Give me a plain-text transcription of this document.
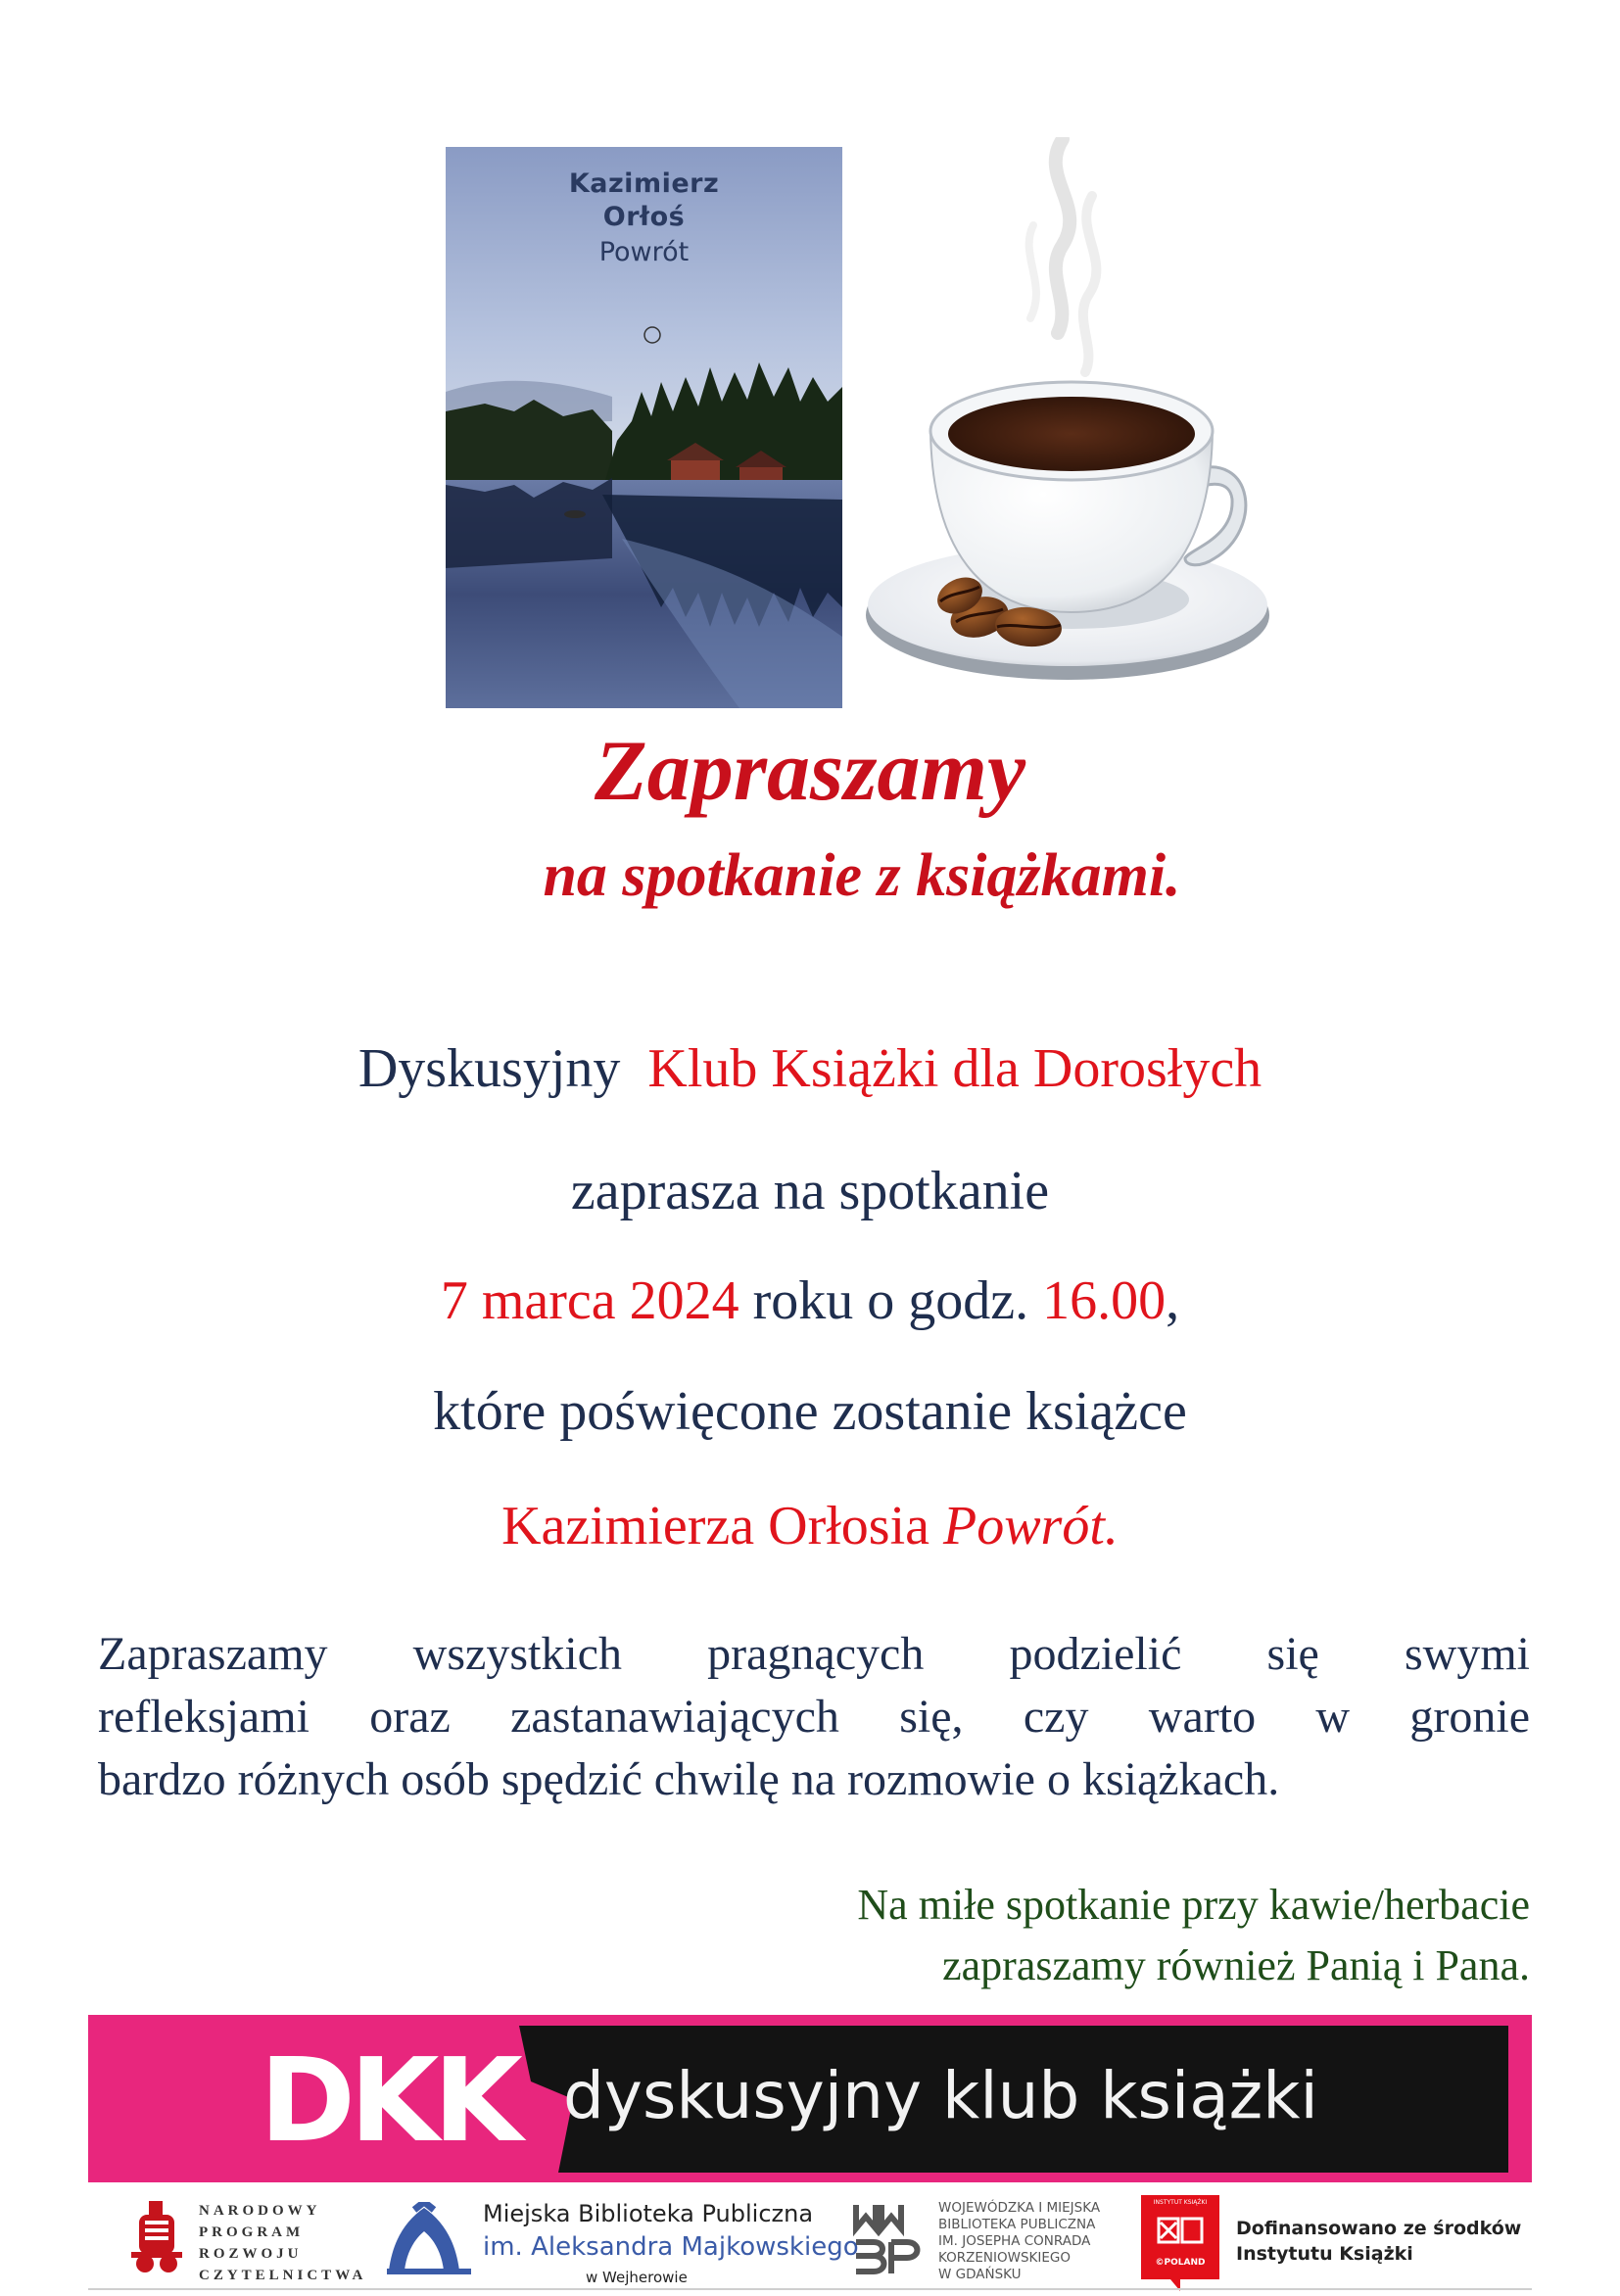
Kazimierz
Orłoś
Powrót
Zapraszamy
na spotkanie z książkami.
Dyskusyjny Klub Książki dla Dorosłych
zaprasza na spotkanie
7 marca 2024 roku o godz. 16.00,
które poświęcone zostanie książce
Kazimierza Orłosia Powrót.
Zapraszamy wszystkich pragnących podzielić się swymi
refleksjami oraz zastanawiających się, czy warto w gronie
bardzo różnych osób spędzić chwilę na rozmowie o książkach.
Na miłe spotkanie przy kawie/herbacie
zapraszamy również Panią i Pana.
DKK dyskusyjny klub książki
NARODOWY
PROGRAM
ROZWOJU
CZYTELNICTWA
Miejska Biblioteka Publiczna
im. Aleksandra Majkowskiego
w Wejherowie
WOJEWÓDZKA I MIEJSKA
BIBLIOTEKA PUBLICZNA
IM. JOSEPHA CONRADA
KORZENIOWSKIEGO
W GDAŃSKU
INSTYTUT KSIĄŻKI
©POLAND
Dofinansowano ze środków
Instytutu Książki
